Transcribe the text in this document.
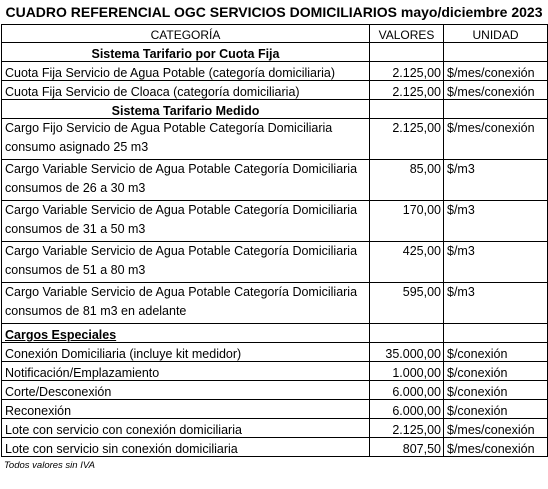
CUADRO REFERENCIAL OGC SERVICIOS DOMICILIARIOS mayo/diciembre 2023
CATEGORÍA	VALORES	UNIDAD
Sistema Tarifario por Cuota Fija		
Cuota Fija Servicio de Agua Potable (categoría domiciliaria)	2.125,00	$/mes/conexión
Cuota Fija Servicio de Cloaca (categoría domiciliaria)	2.125,00	$/mes/conexión
Sistema Tarifario Medido		
Cargo Fijo Servicio de Agua Potable Categoría Domiciliaria consumo asignado 25 m3	2.125,00	$/mes/conexión
Cargo Variable Servicio de Agua Potable Categoría Domiciliaria consumos de 26 a 30 m3	85,00	$/m3
Cargo Variable Servicio de Agua Potable Categoría Domiciliaria consumos de 31 a 50 m3	170,00	$/m3
Cargo Variable Servicio de Agua Potable Categoría Domiciliaria consumos de 51 a 80 m3	425,00	$/m3
Cargo Variable Servicio de Agua Potable Categoría Domiciliaria consumos de 81 m3 en adelante	595,00	$/m3
Cargos Especiales		
Conexión Domiciliaria (incluye kit medidor)	35.000,00	$/conexión
Notificación/Emplazamiento	1.000,00	$/conexión
Corte/Desconexión	6.000,00	$/conexión
Reconexión	6.000,00	$/conexión
Lote con servicio con conexión domiciliaria	2.125,00	$/mes/conexión
Lote con servicio sin conexión domiciliaria	807,50	$/mes/conexión
Todos valores sin IVA
